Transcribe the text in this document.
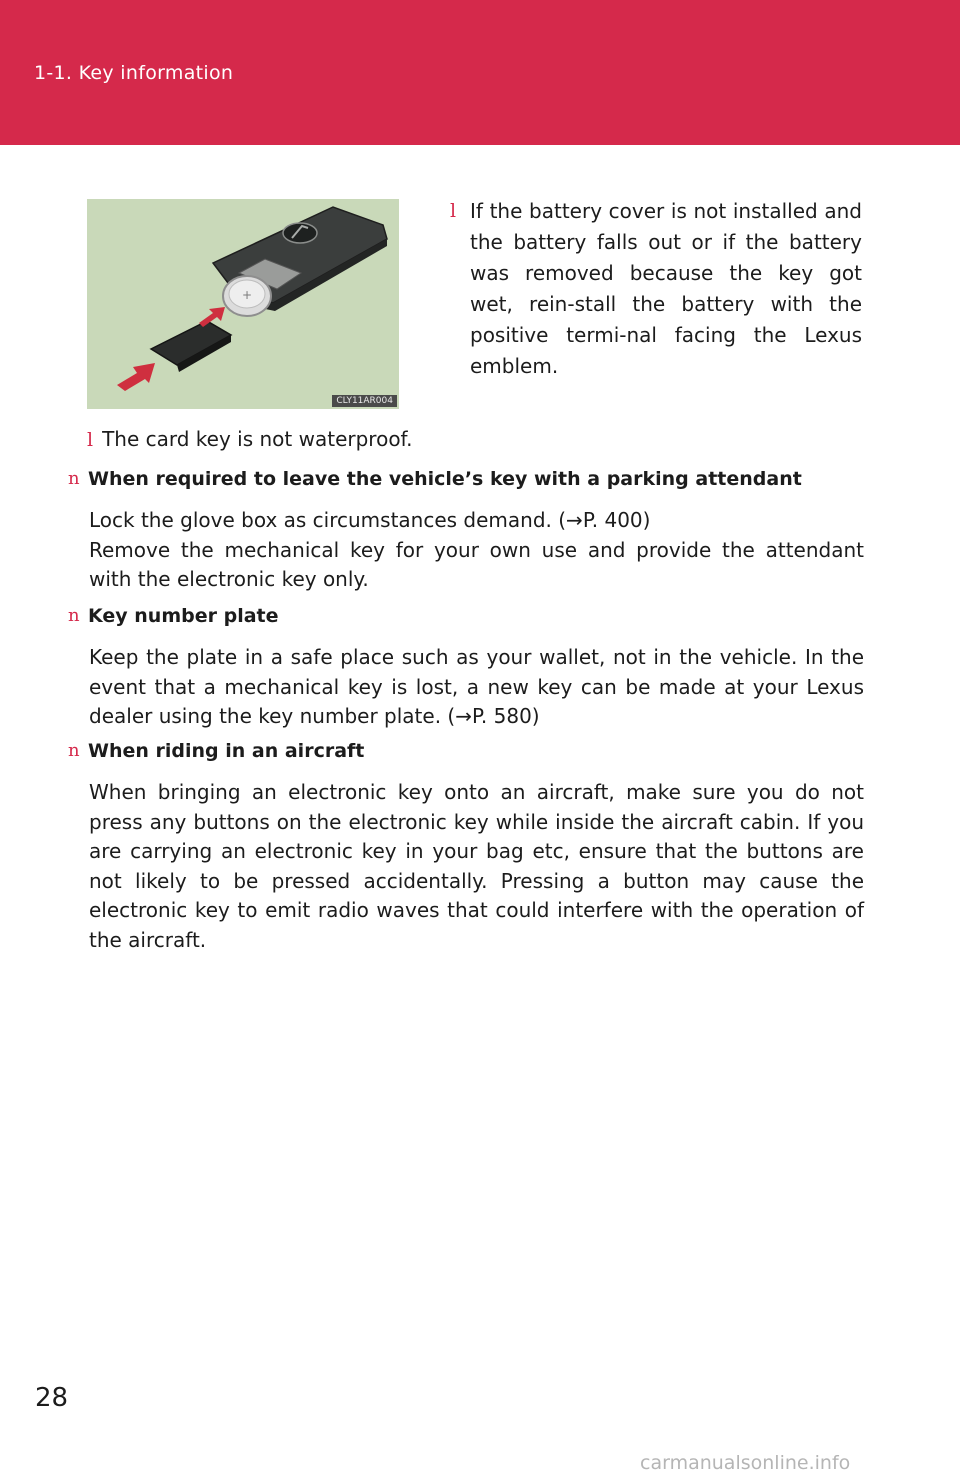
1-1. Key information
+
CLY11AR004
l If the battery cover is not installed and the battery falls out or if the battery was removed because the key got wet, rein-stall the battery with the positive termi-nal facing the Lexus emblem.
l The card key is not waterproof.
n When required to leave the vehicle’s key with a parking attendant

Lock the glove box as circumstances demand. (→P. 400)

Remove the mechanical key for your own use and provide the attendant with the electronic key only.

n Key number plate

Keep the plate in a safe place such as your wallet, not in the vehicle. In the event that a mechanical key is lost, a new key can be made at your Lexus dealer using the key number plate. (→P. 580)

n When riding in an aircraft

When bringing an electronic key onto an aircraft, make sure you do not press any buttons on the electronic key while inside the aircraft cabin. If you are carrying an electronic key in your bag etc, ensure that the buttons are not likely to be pressed accidentally. Pressing a button may cause the electronic key to emit radio waves that could interfere with the operation of the aircraft.

28
carmanualsonline.info
